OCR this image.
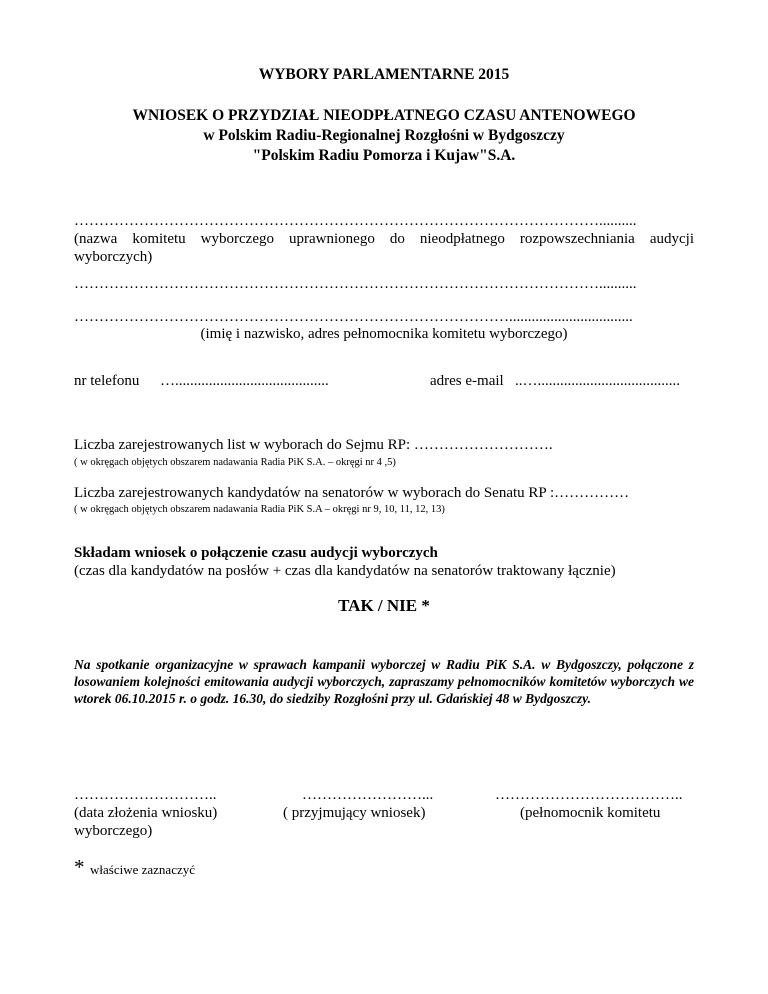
WYBORY PARLAMENTARNE 2015
WNIOSEK O PRZYDZIAŁ NIEODPŁATNEGO CZASU ANTENOWEGO
w Polskim Radiu-Regionalnej Rozgłośni w Bydgoszczy
"Polskim Radiu Pomorza i Kujaw"S.A.
……………………………………………………………………………………………..........
(nazwa komitetu wyborczego uprawnionego do nieodpłatnego rozpowszechniania audycji wyborczych)
……………………………………………………………………………………………..........
…………………………………………………………………………….................................
(imię i nazwisko, adres pełnomocnika komitetu wyborczego)
nr telefonu ….........................................	adres e-mail ..…......................................
Liczba zarejestrowanych list w wyborach do Sejmu RP: ……………………….
( w okręgach objętych obszarem nadawania Radia PiK S.A. – okręgi nr 4 ,5)
Liczba zarejestrowanych kandydatów na senatorów w wyborach do Senatu RP :……………
( w okręgach objętych obszarem nadawania Radia PiK S.A – okręgi nr 9, 10, 11, 12, 13)
Składam wniosek o połączenie czasu audycji wyborczych
(czas dla kandydatów na posłów + czas dla kandydatów na senatorów traktowany łącznie)
TAK / NIE *
Na spotkanie organizacyjne w sprawach kampanii wyborczej w Radiu PiK S.A. w Bydgoszczy, połączone z losowaniem kolejności emitowania audycji wyborczych, zapraszamy pełnomocników komitetów wyborczych we wtorek 06.10.2015 r. o godz. 16.30, do siedziby Rozgłośni przy ul. Gdańskiej 48 w Bydgoszczy.
………………………..
(data złożenia wniosku)
wyborczego)
……………………...
( przyjmujący wniosek)
………………………………..
(pełnomocnik komitetu
* właściwe zaznaczyć
